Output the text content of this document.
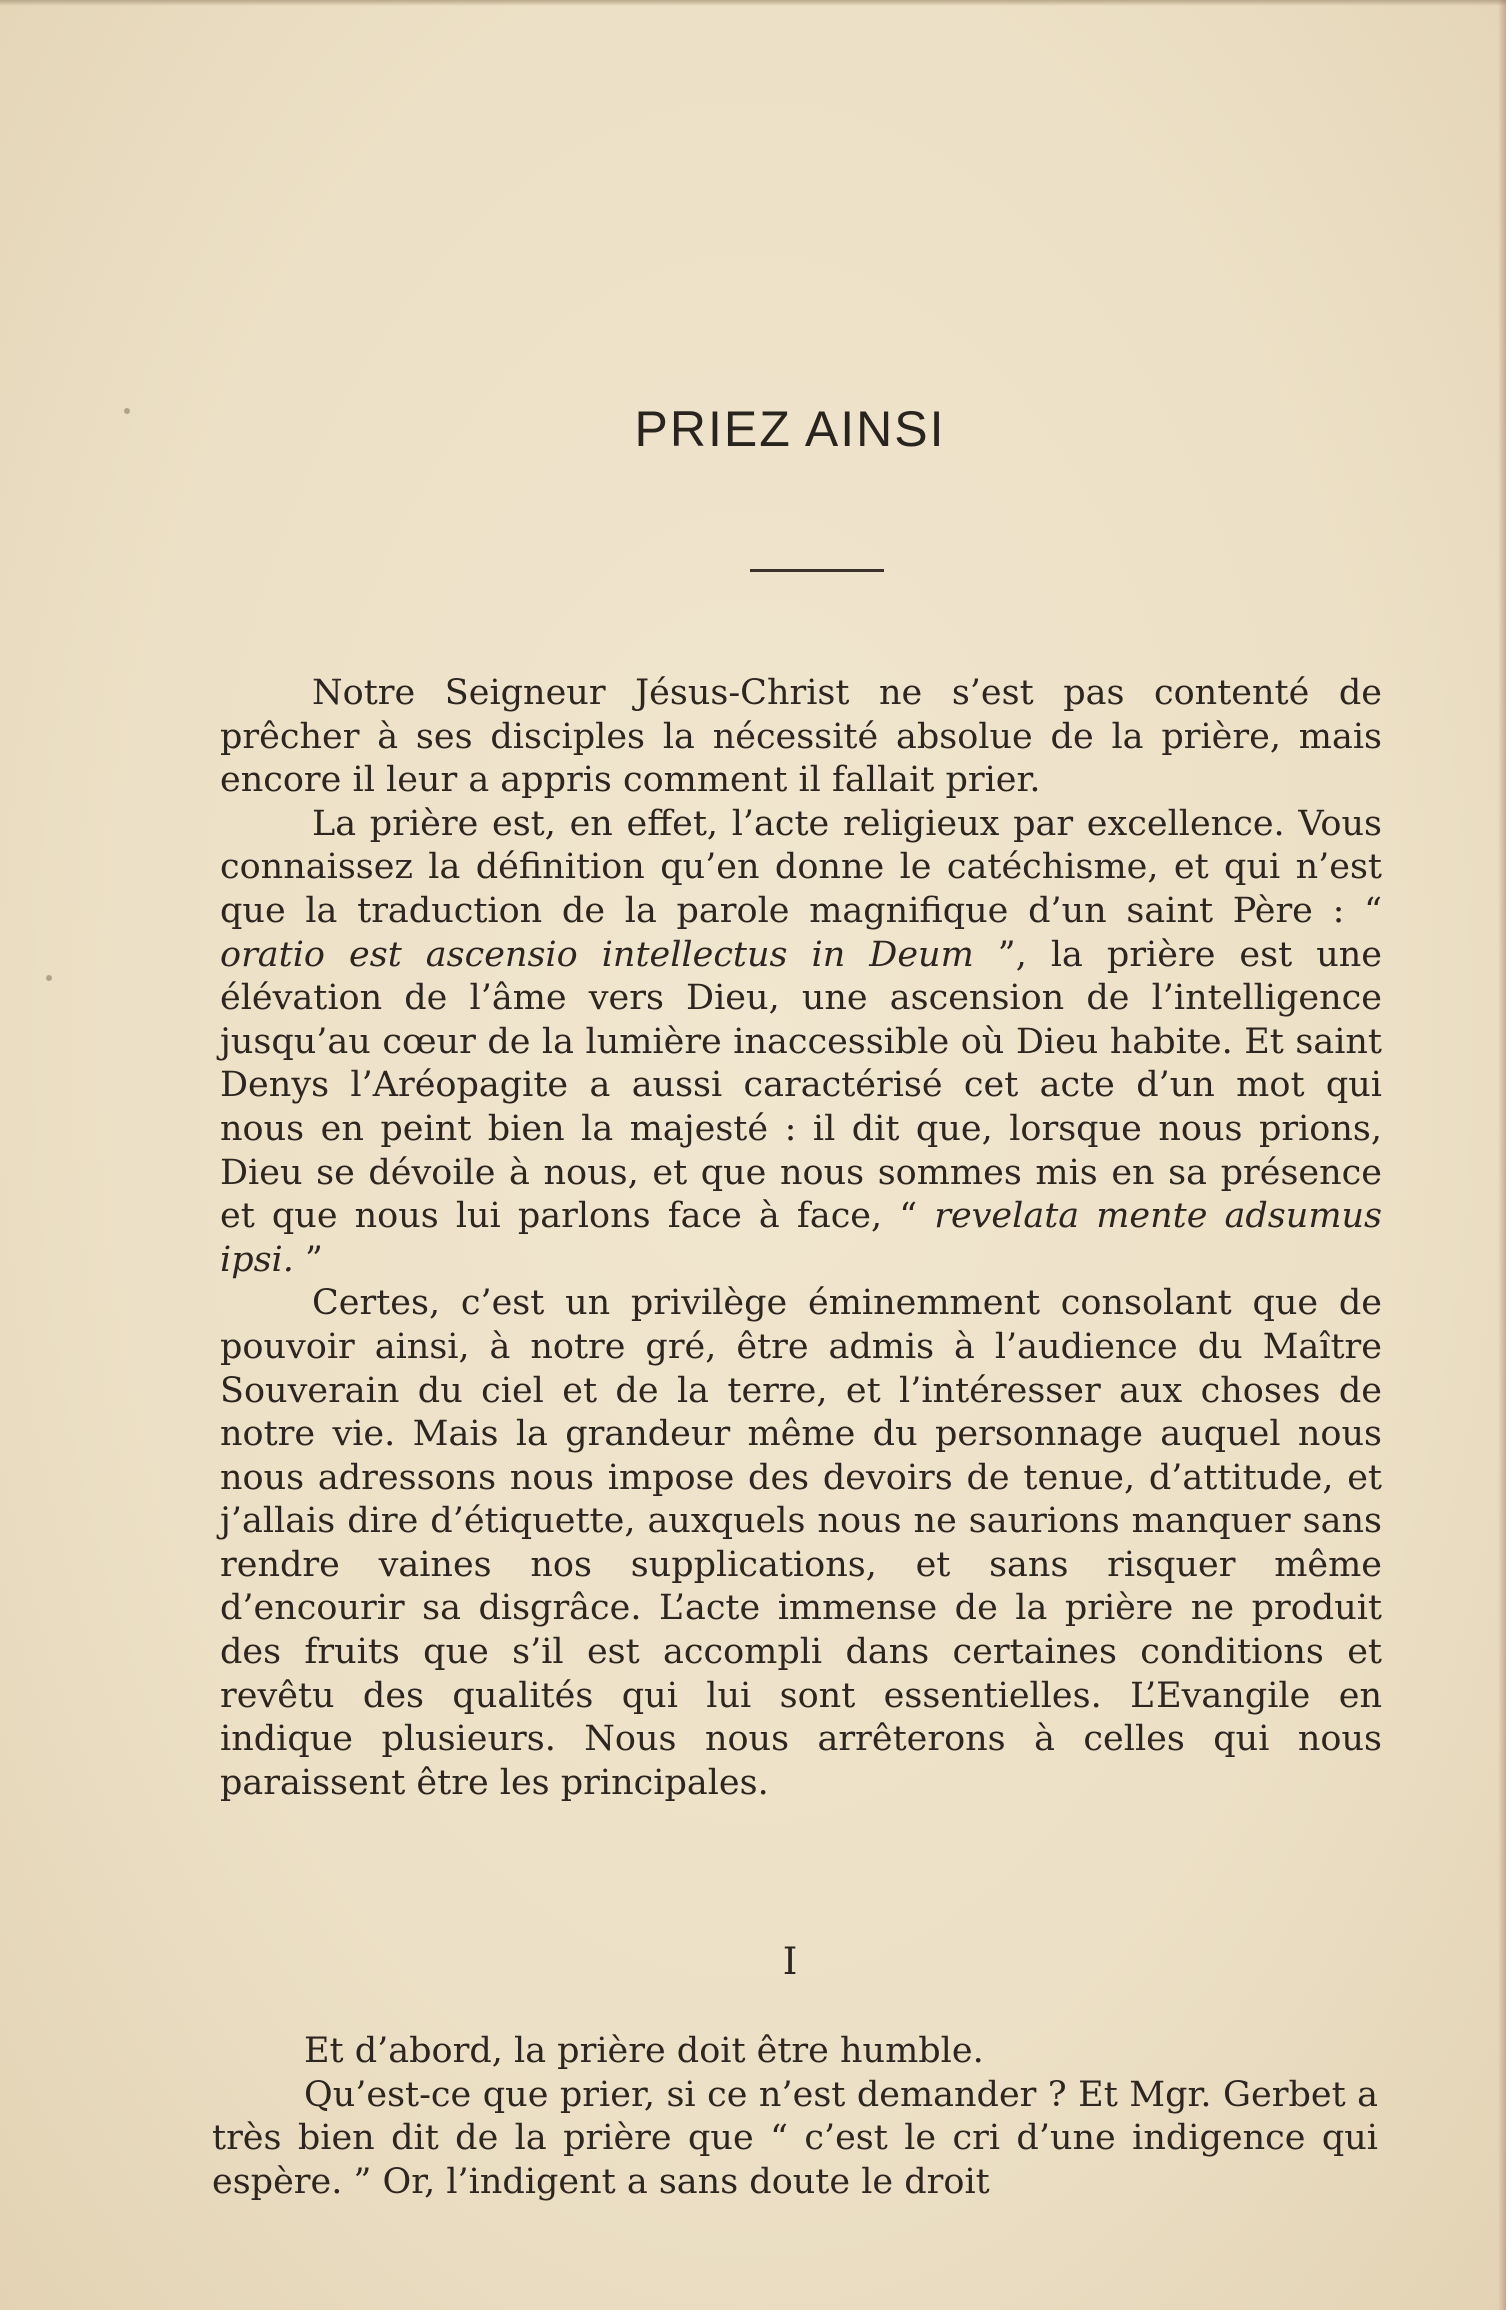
PRIEZ AINSI

Notre Seigneur Jésus-Christ ne s’est pas contenté de prêcher à ses disciples la nécessité absolue de la prière, mais encore il leur a appris comment il fallait prier.

La prière est, en effet, l’acte religieux par excellence. Vous connaissez la définition qu’en donne le catéchisme, et qui n’est que la traduction de la parole magnifique d’un saint Père : “ oratio est ascensio intellectus in Deum ”, la prière est une élévation de l’âme vers Dieu, une ascension de l’intelligence jusqu’au cœur de la lumière inaccessible où Dieu habite. Et saint Denys l’Aréopagite a aussi caractérisé cet acte d’un mot qui nous en peint bien la majesté : il dit que, lorsque nous prions, Dieu se dévoile à nous, et que nous sommes mis en sa présence et que nous lui parlons face à face, “ revelata mente adsumus ipsi. ”

Certes, c’est un privilège éminemment consolant que de pouvoir ainsi, à notre gré, être admis à l’audience du Maître Souverain du ciel et de la terre, et l’intéresser aux choses de notre vie. Mais la grandeur même du personnage auquel nous nous adressons nous impose des devoirs de tenue, d’attitude, et j’allais dire d’étiquette, auxquels nous ne saurions manquer sans rendre vaines nos supplications, et sans risquer même d’encourir sa disgrâce. L’acte immense de la prière ne produit des fruits que s’il est accompli dans certaines conditions et revêtu des qualités qui lui sont essentielles. L’Evangile en indique plusieurs. Nous nous arrêterons à celles qui nous paraissent être les principales.

I

Et d’abord, la prière doit être humble.

Qu’est-ce que prier, si ce n’est demander ? Et Mgr. Gerbet a très bien dit de la prière que “ c’est le cri d’une indigence qui espère. ” Or, l’indigent a sans doute le droit
